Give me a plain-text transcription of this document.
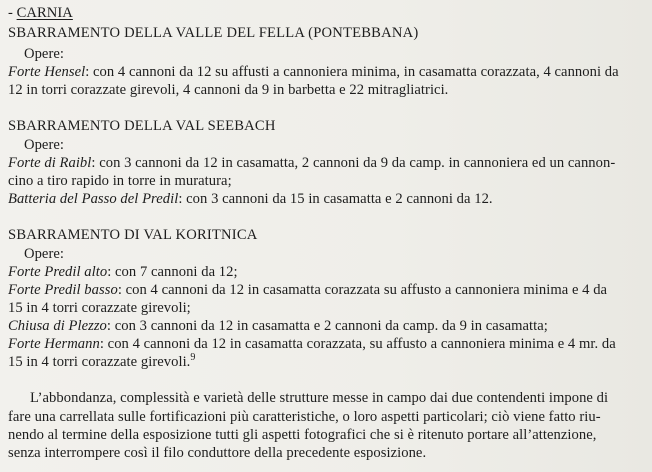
- CARNIA
SBARRAMENTO DELLA VALLE DEL FELLA (PONTEBBANA)
Opere:
Forte Hensel: con 4 cannoni da 12 su affusti a cannoniera minima, in casamatta corazzata, 4 cannoni da
12 in torri corazzate girevoli, 4 cannoni da 9 in barbetta e 22 mitragliatrici.
SBARRAMENTO DELLA VAL SEEBACH
Opere:
Forte di Raibl: con 3 cannoni da 12 in casamatta, 2 cannoni da 9 da camp. in cannoniera ed un cannon-
cino a tiro rapido in torre in muratura;
Batteria del Passo del Predil: con 3 cannoni da 15 in casamatta e 2 cannoni da 12.
SBARRAMENTO DI VAL KORITNICA
Opere:
Forte Predil alto: con 7 cannoni da 12;
Forte Predil basso: con 4 cannoni da 12 in casamatta corazzata su affusto a cannoniera minima e 4 da
15 in 4 torri corazzate girevoli;
Chiusa di Plezzo: con 3 cannoni da 12 in casamatta e 2 cannoni da camp. da 9 in casamatta;
Forte Hermann: con 4 cannoni da 12 in casamatta corazzata, su affusto a cannoniera minima e 4 mr. da
15 in 4 torri corazzate girevoli.$^9$
L’abbondanza, complessità e varietà delle strutture messe in campo dai due contendenti impone di
fare una carrellata sulle fortificazioni più caratteristiche, o loro aspetti particolari; ciò viene fatto riu-
nendo al termine della esposizione tutti gli aspetti fotografici che si è ritenuto portare all’attenzione,
senza interrompere così il filo conduttore della precedente esposizione.
